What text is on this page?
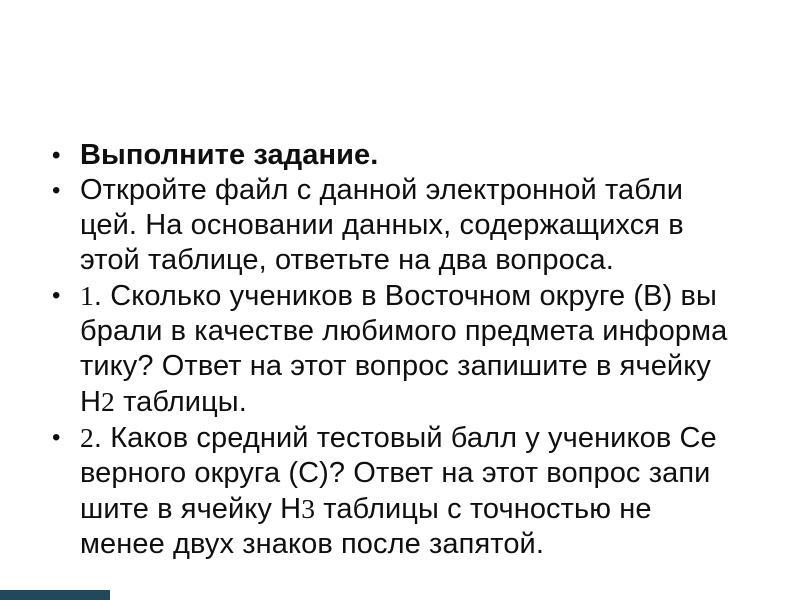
• Выполните задание.
• Откройте файл с данной электронной табли
цей. На основании данных, содержащихся в
этой таблице, ответьте на два вопроса.
• 1. Сколько учеников в Восточном округе (В) вы
брали в качестве любимого предмета информа
тику? Ответ на этот вопрос запишите в ячейку
Н2 таблицы.
• 2. Каков средний тестовый балл у учеников Се
верного округа (С)? Ответ на этот вопрос запи
шите в ячейку Н3 таблицы с точностью не
менее двух знаков после запятой.
